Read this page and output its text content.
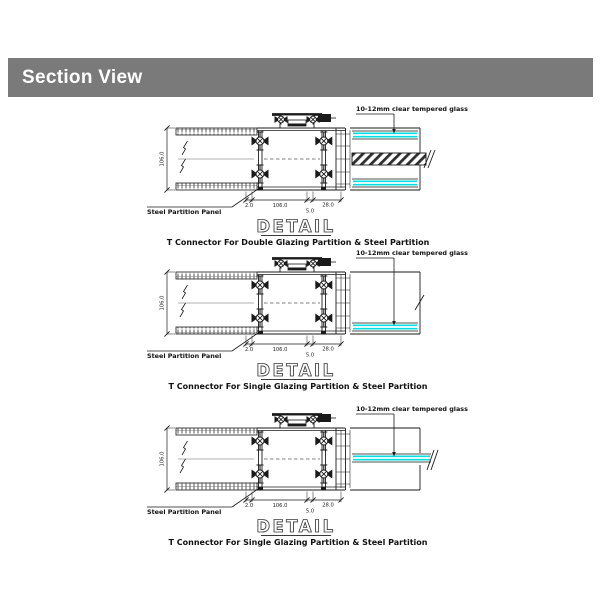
Section View
106.0
10-12mm clear tempered glass
2.0	106.0
5.0
28.0
Steel Partition Panel
DETAIL
T Connector For Double Glazing Partition & Steel Partition
106.0
10-12mm clear tempered glass
2.0	106.0
5.0
28.0
Steel Partition Panel
DETAIL
T Connector For Single Glazing Partition & Steel Partition
106.0
10-12mm clear tempered glass
2.0	106.0
5.0
28.0
Steel Partition Panel
DETAIL
T Connector For Single Glazing Partition & Steel Partition
